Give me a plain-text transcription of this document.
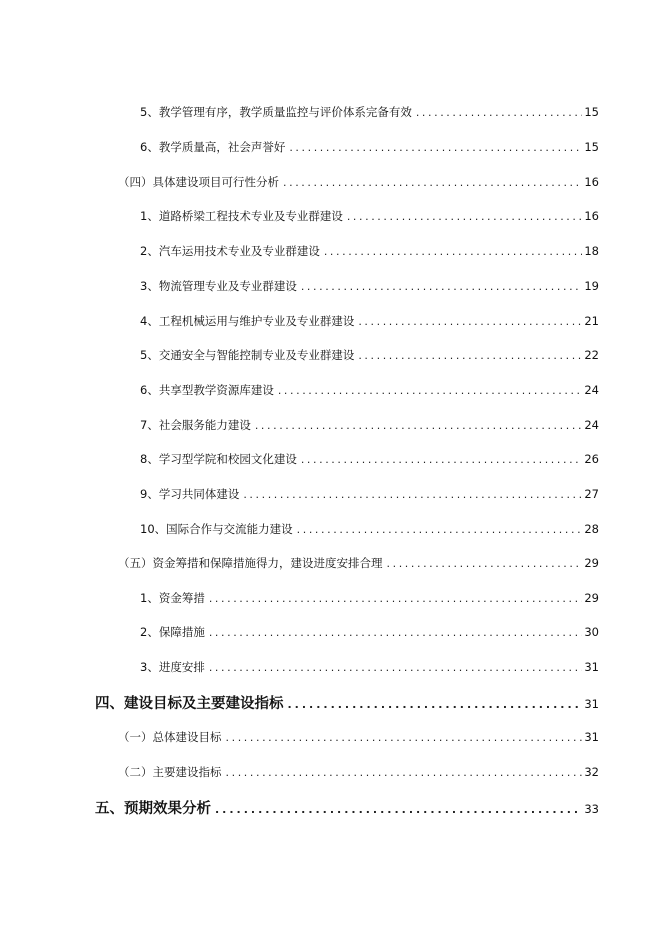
5、教学管理有序，教学质量监控与评价体系完备有效 .....	15
6、教学质量高，社会声誉好 .....	15
（四）具体建设项目可行性分析 .....	16
1、道路桥梁工程技术专业及专业群建设 .....	16
2、汽车运用技术专业及专业群建设 .....	18
3、物流管理专业及专业群建设 .....	19
4、工程机械运用与维护专业及专业群建设 .....	21
5、交通安全与智能控制专业及专业群建设 .....	22
6、共享型教学资源库建设 .....	24
7、社会服务能力建设 .....	24
8、学习型学院和校园文化建设 .....	26
9、学习共同体建设 .....	27
10、国际合作与交流能力建设 .....	28
（五）资金筹措和保障措施得力，建设进度安排合理 .....	29
1、资金筹措 .....	29
2、保障措施 .....	30
3、进度安排 .....	31
四、建设目标及主要建设指标 .....	31
（一）总体建设目标 .....	31
（二）主要建设指标 .....	32
五、预期效果分析 .....	33
